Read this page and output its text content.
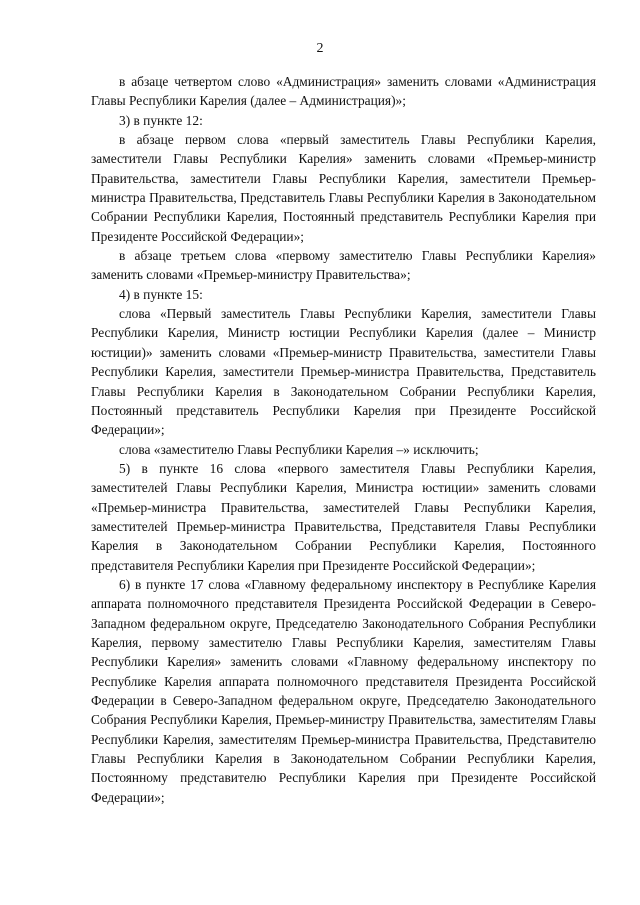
2

в абзаце четвертом слово «Администрация» заменить словами «Администрация Главы Республики Карелия (далее – Администрация)»;

3) в пункте 12:

в абзаце первом слова «первый заместитель Главы Республики Карелия, заместители Главы Республики Карелия» заменить словами «Премьер-министр Правительства, заместители Главы Республики Карелия, заместители Премьер-министра Правительства, Представитель Главы Республики Карелия в Законодательном Собрании Республики Карелия, Постоянный представитель Республики Карелия при Президенте Российской Федерации»;

в абзаце третьем слова «первому заместителю Главы Республики Карелия» заменить словами «Премьер-министру Правительства»;

4) в пункте 15:

слова «Первый заместитель Главы Республики Карелия, заместители Главы Республики Карелия, Министр юстиции Республики Карелия (далее – Министр юстиции)» заменить словами «Премьер-министр Правительства, заместители Главы Республики Карелия, заместители Премьер-министра Правительства, Представитель Главы Республики Карелия в Законодательном Собрании Республики Карелия, Постоянный представитель Республики Карелия при Президенте Российской Федерации»;

слова «заместителю Главы Республики Карелия –» исключить;

5) в пункте 16 слова «первого заместителя Главы Республики Карелия, заместителей Главы Республики Карелия, Министра юстиции» заменить словами «Премьер-министра Правительства, заместителей Главы Республики Карелия, заместителей Премьер-министра Правительства, Представителя Главы Республики Карелия в Законодательном Собрании Республики Карелия, Постоянного представителя Республики Карелия при Президенте Российской Федерации»;

6) в пункте 17 слова «Главному федеральному инспектору в Республике Карелия аппарата полномочного представителя Президента Российской Федерации в Северо-Западном федеральном округе, Председателю Законодательного Собрания Республики Карелия, первому заместителю Главы Республики Карелия, заместителям Главы Республики Карелия» заменить словами «Главному федеральному инспектору по Республике Карелия аппарата полномочного представителя Президента Российской Федерации в Северо-Западном федеральном округе, Председателю Законодательного Собрания Республики Карелия, Премьер-министру Правительства, заместителям Главы Республики Карелия, заместителям Премьер-министра Правительства, Представителю Главы Республики Карелия в Законодательном Собрании Республики Карелия, Постоянному представителю Республики Карелия при Президенте Российской Федерации»;
